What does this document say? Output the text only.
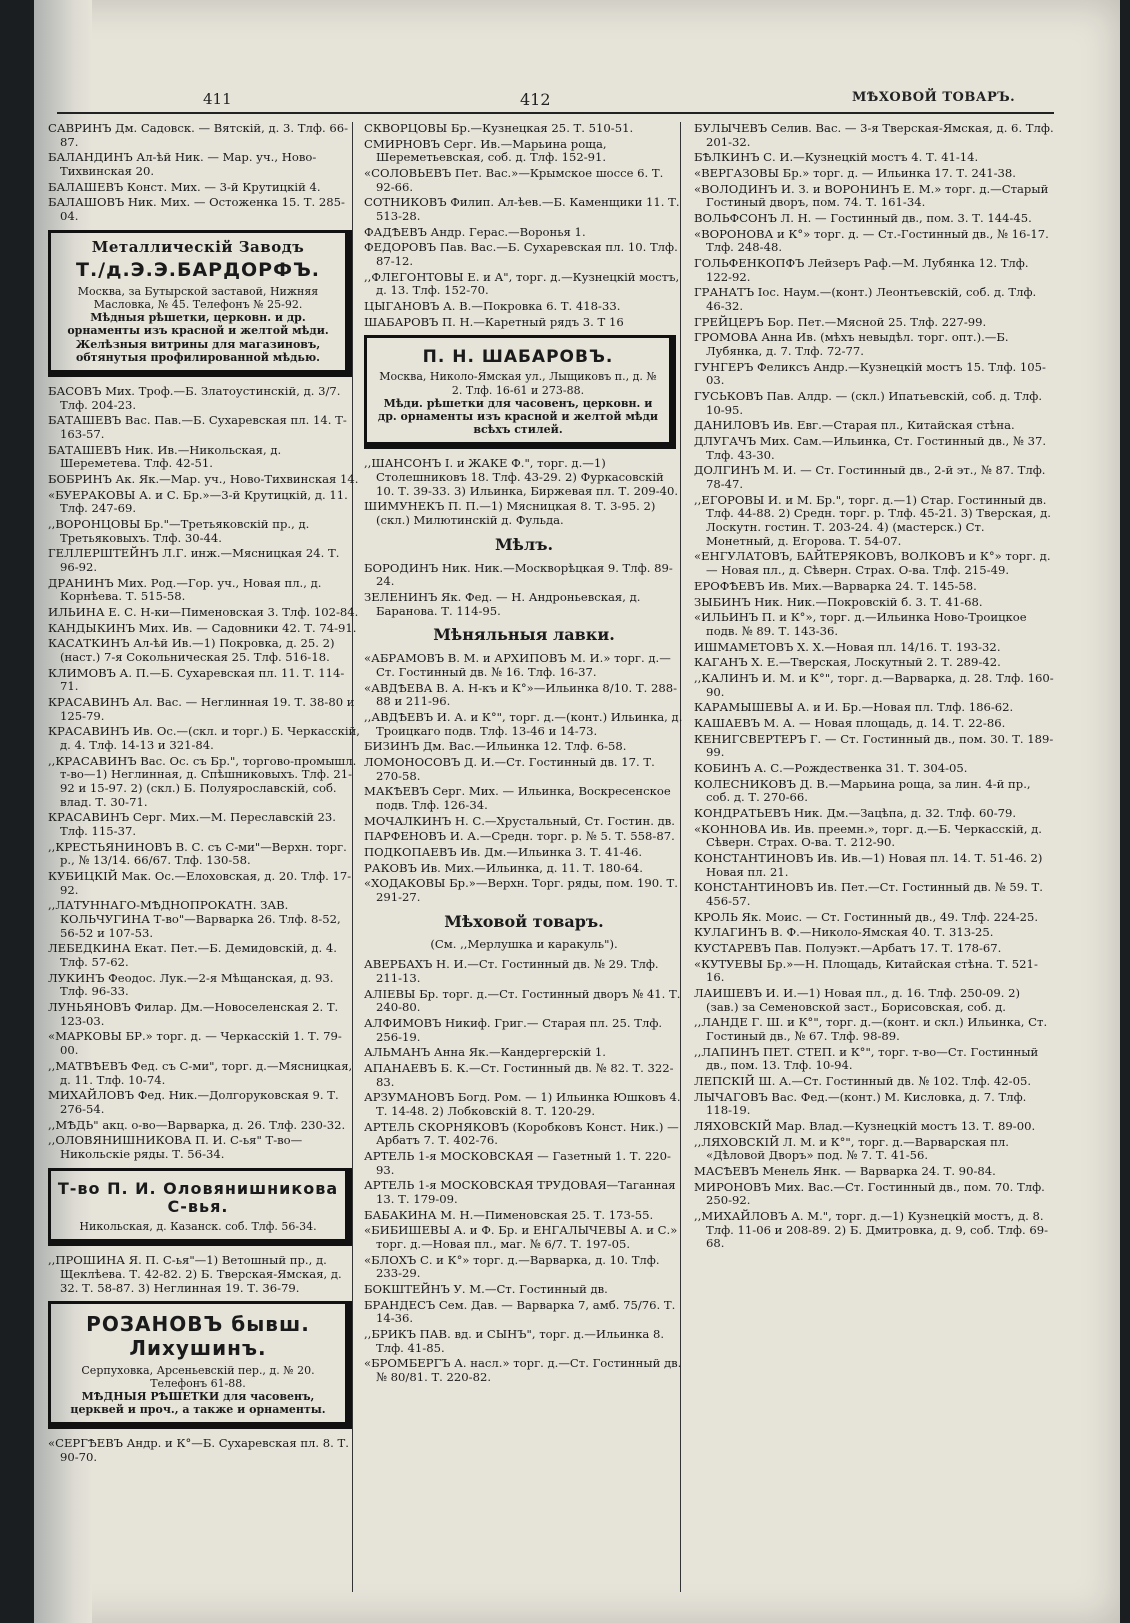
411	412	МѢХОВОЙ ТОВАРЪ.

САВРИНЪ Дм. Садовск. — Вятскій, д. 3. Тлф. 66-87.

БАЛАНДИНЪ Ал-ѣй Ник. — Мар. уч., Ново-Тихвинская 20.

БАЛАШЕВЪ Конст. Мих. — 3-й Крутицкій 4.

БАЛАШОВЪ Ник. Мих. — Остоженка 15. Т. 285-04.

Металлическій Заводъ
Т./д.Э.Э.БАРДОРФЪ.
Москва, за Бутырской заставой, Нижняя Масловка, № 45. Телефонъ № 25-92.
Мѣдныя рѣшетки, церковн. и др. орнаменты изъ красной и желтой мѣди. Желѣзныя витрины для магазиновъ, обтянутыя профилированной мѣдью.

БАСОВЪ Мих. Троф.—Б. Златоустинскій, д. 3/7. Тлф. 204-23.

БАТАШЕВЪ Вас. Пав.—Б. Сухаревская пл. 14. Т- 163-57.

БАТАШЕВЪ Ник. Ив.—Никольская, д. Шереметева. Тлф. 42-51.

БОБРИНЪ Ак. Як.—Мар. уч., Ново-Тихвинская 14.

«БУЕРАКОВЫ А. и С. Бр.»—3-й Крутицкій, д. 11. Тлф. 247-69.

,,ВОРОНЦОВЫ Бр."—Третьяковскій пр., д. Третьяковыхъ. Тлф. 30-44.

ГЕЛЛЕРШТЕЙНЪ Л.Г. инж.—Мясницкая 24. Т. 96-92.

ДРАНИНЪ Мих. Род.—Гор. уч., Новая пл., д. Корнѣева. Т. 515-58.

ИЛЬИНА Е. С. Н-ки—Пименовская 3. Тлф. 102-84.

КАНДЫКИНЪ Мих. Ив. — Садовники 42. Т. 74-91.

КАСАТКИНЪ Ал-ѣй Ив.—1) Покровка, д. 25. 2) (наст.) 7-я Сокольническая 25. Тлф. 516-18.

КЛИМОВЪ А. П.—Б. Сухаревская пл. 11. Т. 114-71.

КРАСАВИНЪ Ал. Вас. — Неглинная 19. Т. 38-80 и 125-79.

КРАСАВИНЪ Ив. Ос.—(скл. и торг.) Б. Черкасскій, д. 4. Тлф. 14-13 и 321-84.

,,КРАСАВИНЪ Вас. Ос. съ Бр.", торгово-промышл. т-во—1) Неглинная, д. Спѣшниковыхъ. Тлф. 21-92 и 15-97. 2) (скл.) Б. Полуярославскій, соб. влад. Т. 30-71.

КРАСАВИНЪ Серг. Мих.—М. Переславскій 23. Тлф. 115-37.

,,КРЕСТЬЯНИНОВЪ В. С. съ С-ми"—Верхн. торг. р., № 13/14. 66/67. Тлф. 130-58.

КУБИЦКІЙ Мак. Ос.—Елоховская, д. 20. Тлф. 17-92.

,,ЛАТУННАГО-МѢДНОПРОКАТН. ЗАВ. КОЛЬЧУГИНА Т-во"—Варварка 26. Тлф. 8-52, 56-52 и 107-53.

ЛЕБЕДКИНА Екат. Пет.—Б. Демидовскій, д. 4. Тлф. 57-62.

ЛУКИНЪ Феодос. Лук.—2-я Мѣщанская, д. 93. Тлф. 96-33.

ЛУНЬЯНОВЪ Филар. Дм.—Новоселенская 2. Т. 123-03.

«МАРКОВЫ БР.» торг. д. — Черкасскій 1. Т. 79-00.

,,МАТВѢЕВЪ Фед. съ С-ми", торг. д.—Мясницкая, д. 11. Тлф. 10-74.

МИХАЙЛОВЪ Фед. Ник.—Долгоруковская 9. Т. 276-54.

,,МѢДЬ" акц. о-во—Варварка, д. 26. Тлф. 230-32.

,,ОЛОВЯНИШНИКОВА П. И. С-ья" Т-во—Никольскіе ряды. Т. 56-34.

Т-во П. И. Оловянишникова С-вья.
Никольская, д. Казанск. соб. Тлф. 56-34.

,,ПРОШИНА Я. П. С-ья"—1) Ветошный пр., д. Щеклѣева. Т. 42-82. 2) Б. Тверская-Ямская, д. 32. Т. 58-87. 3) Неглинная 19. Т. 36-79.

РОЗАНОВЪ бывш. Лихушинъ.
Серпуховка, Арсеньевскій пер., д. № 20. Телефонъ 61-88.
МѢДНЫЯ РѢШЕТКИ для часовенъ, церквей и проч., а также и орнаменты.

«СЕРГѢЕВЪ Андр. и К°—Б. Сухаревская пл. 8. Т. 90-70.

СКВОРЦОВЫ Бр.—Кузнецкая 25. Т. 510-51.

СМИРНОВЪ Серг. Ив.—Марьина роща, Шереметьевская, соб. д. Тлф. 152-91.

«СОЛОВЬЕВЪ Пет. Вас.»—Крымское шоссе 6. Т. 92-66.

СОТНИКОВЪ Филип. Ал-ѣев.—Б. Каменщики 11. Т. 513-28.

ФАДѢЕВЪ Андр. Герас.—Воронья 1.

ФЕДОРОВЪ Пав. Вас.—Б. Сухаревская пл. 10. Тлф. 87-12.

,,ФЛЕГОНТОВЫ Е. и А", торг. д.—Кузнецкій мостъ, д. 13. Тлф. 152-70.

ЦЫГАНОВЪ А. В.—Покровка 6. Т. 418-33.

ШАБАРОВЪ П. Н.—Каретный рядъ 3. Т 16

П. Н. ШАБАРОВЪ.
Москва, Николо-Ямская ул., Лыщиковъ п., д. № 2. Тлф. 16-61 и 273-88.
Мѣди. рѣшетки для часовенъ, церковн. и др. орнаменты изъ красной и желтой мѣди всѣхъ стилей.

,,ШАНСОНЪ I. и ЖАКЕ Ф.", торг. д.—1) Столешниковъ 18. Тлф. 43-29. 2) Фуркасовскій 10. Т. 39-33. 3) Ильинка, Биржевая пл. Т. 209-40.

ШИМУНЕКЪ П. П.—1) Мясницкая 8. Т. 3-95. 2) (скл.) Милютинскій д. Фульда.

Мѣлъ.

БОРОДИНЪ Ник. Ник.—Москворѣцкая 9. Тлф. 89-24.

ЗЕЛЕНИНЪ Як. Фед. — Н. Андроньевская, д. Баранова. Т. 114-95.

Мѣняльныя лавки.

«АБРАМОВЪ В. М. и АРХИПОВЪ М. И.» торг. д.—Ст. Гостинный дв. № 16. Тлф. 16-37.

«АВДѢЕВА В. А. Н-къ и К°»—Ильинка 8/10. Т. 288-88 и 211-96.

,,АВДѢЕВЪ И. А. и К°", торг. д.—(конт.) Ильинка, д. Троицкаго подв. Тлф. 13-46 и 14-73.

БИЗИНЪ Дм. Вас.—Ильинка 12. Тлф. 6-58.

ЛОМОНОСОВЪ Д. И.—Ст. Гостинный дв. 17. Т. 270-58.

МАКѢЕВЪ Серг. Мих. — Ильинка, Воскресенское подв. Тлф. 126-34.

МОЧАЛКИНЪ Н. С.—Хрустальный, Ст. Гостин. дв.

ПАРФЕНОВЪ И. А.—Средн. торг. р. № 5. Т. 558-87.

ПОДКОПАЕВЪ Ив. Дм.—Ильинка 3. Т. 41-46.

РАКОВЪ Ив. Мих.—Ильинка, д. 11. Т. 180-64.

«ХОДАКОВЫ Бр.»—Верхн. Торг. ряды, пом. 190. Т. 291-27.

Мѣховой товаръ.
(См. ,,Мерлушка и каракуль").

АВЕРБАХЪ Н. И.—Ст. Гостинный дв. № 29. Тлф. 211-13.

АЛІЕВЫ Бр. торг. д.—Ст. Гостинный дворъ № 41. Т. 240-80.

АЛФИМОВЪ Никиф. Григ.— Старая пл. 25. Тлф. 256-19.

АЛЬМАНЪ Анна Як.—Кандергерскій 1.

АПАНАЕВЪ Б. К.—Ст. Гостинный дв. № 82. Т. 322-83.

АРЗУМАНОВЪ Богд. Ром. — 1) Ильинка Юшковъ 4. Т. 14-48. 2) Лобковскій 8. Т. 120-29.

АРТЕЛЬ СКОРНЯКОВЪ (Коробковъ Конст. Ник.) — Арбатъ 7. Т. 402-76.

АРТЕЛЬ 1-я МОСКОВСКАЯ — Газетный 1. Т. 220-93.

АРТЕЛЬ 1-я МОСКОВСКАЯ ТРУДОВАЯ—Таганная 13. Т. 179-09.

БАБАКИНА М. Н.—Пименовская 25. Т. 173-55.

«БИБИШЕВЫ А. и Ф. Бр. и ЕНГАЛЫЧЕВЫ А. и С.» торг. д.—Новая пл., маг. № 6/7. Т. 197-05.

«БЛОХЪ С. и К°» торг. д.—Варварка, д. 10. Тлф. 233-29.

БОКШТЕЙНЪ У. М.—Ст. Гостинный дв.

БРАНДЕСЪ Сем. Дав. — Варварка 7, амб. 75/76. Т. 14-36.

,,БРИКЪ ПАВ. вд. и СЫНЪ", торг. д.—Ильинка 8. Тлф. 41-85.

«БРОМБЕРГЪ А. насл.» торг. д.—Ст. Гостинный дв. № 80/81. Т. 220-82.

БУЛЫЧЕВЪ Селив. Вас. — 3-я Тверская-Ямская, д. 6. Тлф. 201-32.

БѢЛКИНЪ С. И.—Кузнецкій мостъ 4. Т. 41-14.

«ВЕРГАЗОВЫ Бр.» торг. д. — Ильинка 17. Т. 241-38.

«ВОЛОДИНЪ И. З. и ВОРОНИНЪ Е. М.» торг. д.—Старый Гостиный дворъ, пом. 74. Т. 161-34.

ВОЛЬФСОНЪ Л. Н. — Гостинный дв., пом. 3. Т. 144-45.

«ВОРОНОВА и К°» торг. д. — Ст.-Гостинный дв., № 16-17. Тлф. 248-48.

ГОЛЬФЕНКОПФЪ Лейзеръ Раф.—М. Лубянка 12. Тлф. 122-92.

ГРАНАТЪ Іос. Наум.—(конт.) Леонтьевскій, соб. д. Тлф. 46-32.

ГРЕЙЦЕРЪ Бор. Пет.—Мясной 25. Тлф. 227-99.

ГРОМОВА Анна Ив. (мѣхъ невыдѣл. торг. опт.).—Б. Лубянка, д. 7. Тлф. 72-77.

ГУНГЕРЪ Феликсъ Андр.—Кузнецкій мостъ 15. Тлф. 105-03.

ГУСЬКОВЪ Пав. Алдр. — (скл.) Ипатьевскій, соб. д. Тлф. 10-95.

ДАНИЛОВЪ Ив. Евг.—Старая пл., Китайская стѣна.

ДЛУГАЧЪ Мих. Сам.—Ильинка, Ст. Гостинный дв., № 37. Тлф. 43-30.

ДОЛГИНЪ М. И. — Ст. Гостинный дв., 2-й эт., № 87. Тлф. 78-47.

,,ЕГОРОВЫ И. и М. Бр.", торг. д.—1) Стар. Гостинный дв. Тлф. 44-88. 2) Средн. торг. р. Тлф. 45-21. 3) Тверская, д. Лоскутн. гостин. Т. 203-24. 4) (мастерск.) Ст. Монетный, д. Егорова. Т. 54-07.

«ЕНГУЛАТОВЪ, БАЙТЕРЯКОВЪ, ВОЛКОВЪ и К°» торг. д. — Новая пл., д. Сѣверн. Страх. О-ва. Тлф. 215-49.

ЕРОФѢЕВЪ Ив. Мих.—Варварка 24. Т. 145-58.

ЗЫБИНЪ Ник. Ник.—Покровскій б. 3. Т. 41-68.

«ИЛЬИНЪ П. и К°», торг. д.—Ильинка Ново-Троицкое подв. № 89. Т. 143-36.

ИШМАМЕТОВЪ Х. Х.—Новая пл. 14/16. Т. 193-32.

КАГАНЪ Х. Е.—Тверская, Лоскутный 2. Т. 289-42.

,,КАЛИНЪ И. М. и К°", торг. д.—Варварка, д. 28. Тлф. 160-90.

КАРАМЫШЕВЫ А. и И. Бр.—Новая пл. Тлф. 186-62.

КАШАЕВЪ М. А. — Новая площадь, д. 14. Т. 22-86.

КЕНИГСВЕРТЕРЪ Г. — Ст. Гостинный дв., пом. 30. Т. 189-99.

КОБИНЪ А. С.—Рождественка 31. Т. 304-05.

КОЛЕСНИКОВЪ Д. В.—Марьина роща, за лин. 4-й пр., соб. д. Т. 270-66.

КОНДРАТЬЕВЪ Ник. Дм.—Зацѣпа, д. 32. Тлф. 60-79.

«КОННОВА Ив. Ив. преемн.», торг. д.—Б. Черкасскій, д. Сѣверн. Страх. О-ва. Т. 212-90.

КОНСТАНТИНОВЪ Ив. Ив.—1) Новая пл. 14. Т. 51-46. 2) Новая пл. 21.

КОНСТАНТИНОВЪ Ив. Пет.—Ст. Гостинный дв. № 59. Т. 456-57.

КРОЛЬ Як. Моис. — Ст. Гостинный дв., 49. Тлф. 224-25.

КУЛАГИНЪ В. Ф.—Николо-Ямская 40. Т. 313-25.

КУСТАРЕВЪ Пав. Полуэкт.—Арбатъ 17. Т. 178-67.

«КУТУЕВЫ Бр.»—Н. Площадь, Китайская стѣна. Т. 521-16.

ЛАИШЕВЪ И. И.—1) Новая пл., д. 16. Тлф. 250-09. 2) (зав.) за Семеновской заст., Борисовская, соб. д.

,,ЛАНДЕ Г. Ш. и К°", торг. д.—(конт. и скл.) Ильинка, Ст. Гостиный дв., № 67. Тлф. 98-89.

,,ЛАПИНЪ ПЕТ. СТЕП. и К°", торг. т-во—Ст. Гостинный дв., пом. 13. Тлф. 10-94.

ЛЕПСКІЙ Ш. А.—Ст. Гостинный дв. № 102. Тлф. 42-05.

ЛЫЧАГОВЪ Вас. Фед.—(конт.) М. Кисловка, д. 7. Тлф. 118-19.

ЛЯХОВСКІЙ Мар. Влад.—Кузнецкій мостъ 13. Т. 89-00.

,,ЛЯХОВСКІЙ Л. М. и К°", торг. д.—Варварская пл. «Дѣловой Дворъ» под. № 7. Т. 41-56.

МАСѢЕВЪ Менель Янк. — Варварка 24. Т. 90-84.

МИРОНОВЪ Мих. Вас.—Ст. Гостинный дв., пом. 70. Тлф. 250-92.

,,МИХАЙЛОВЪ А. М.", торг. д.—1) Кузнецкій мостъ, д. 8. Тлф. 11-06 и 208-89. 2) Б. Дмитровка, д. 9, соб. Тлф. 69-68.
